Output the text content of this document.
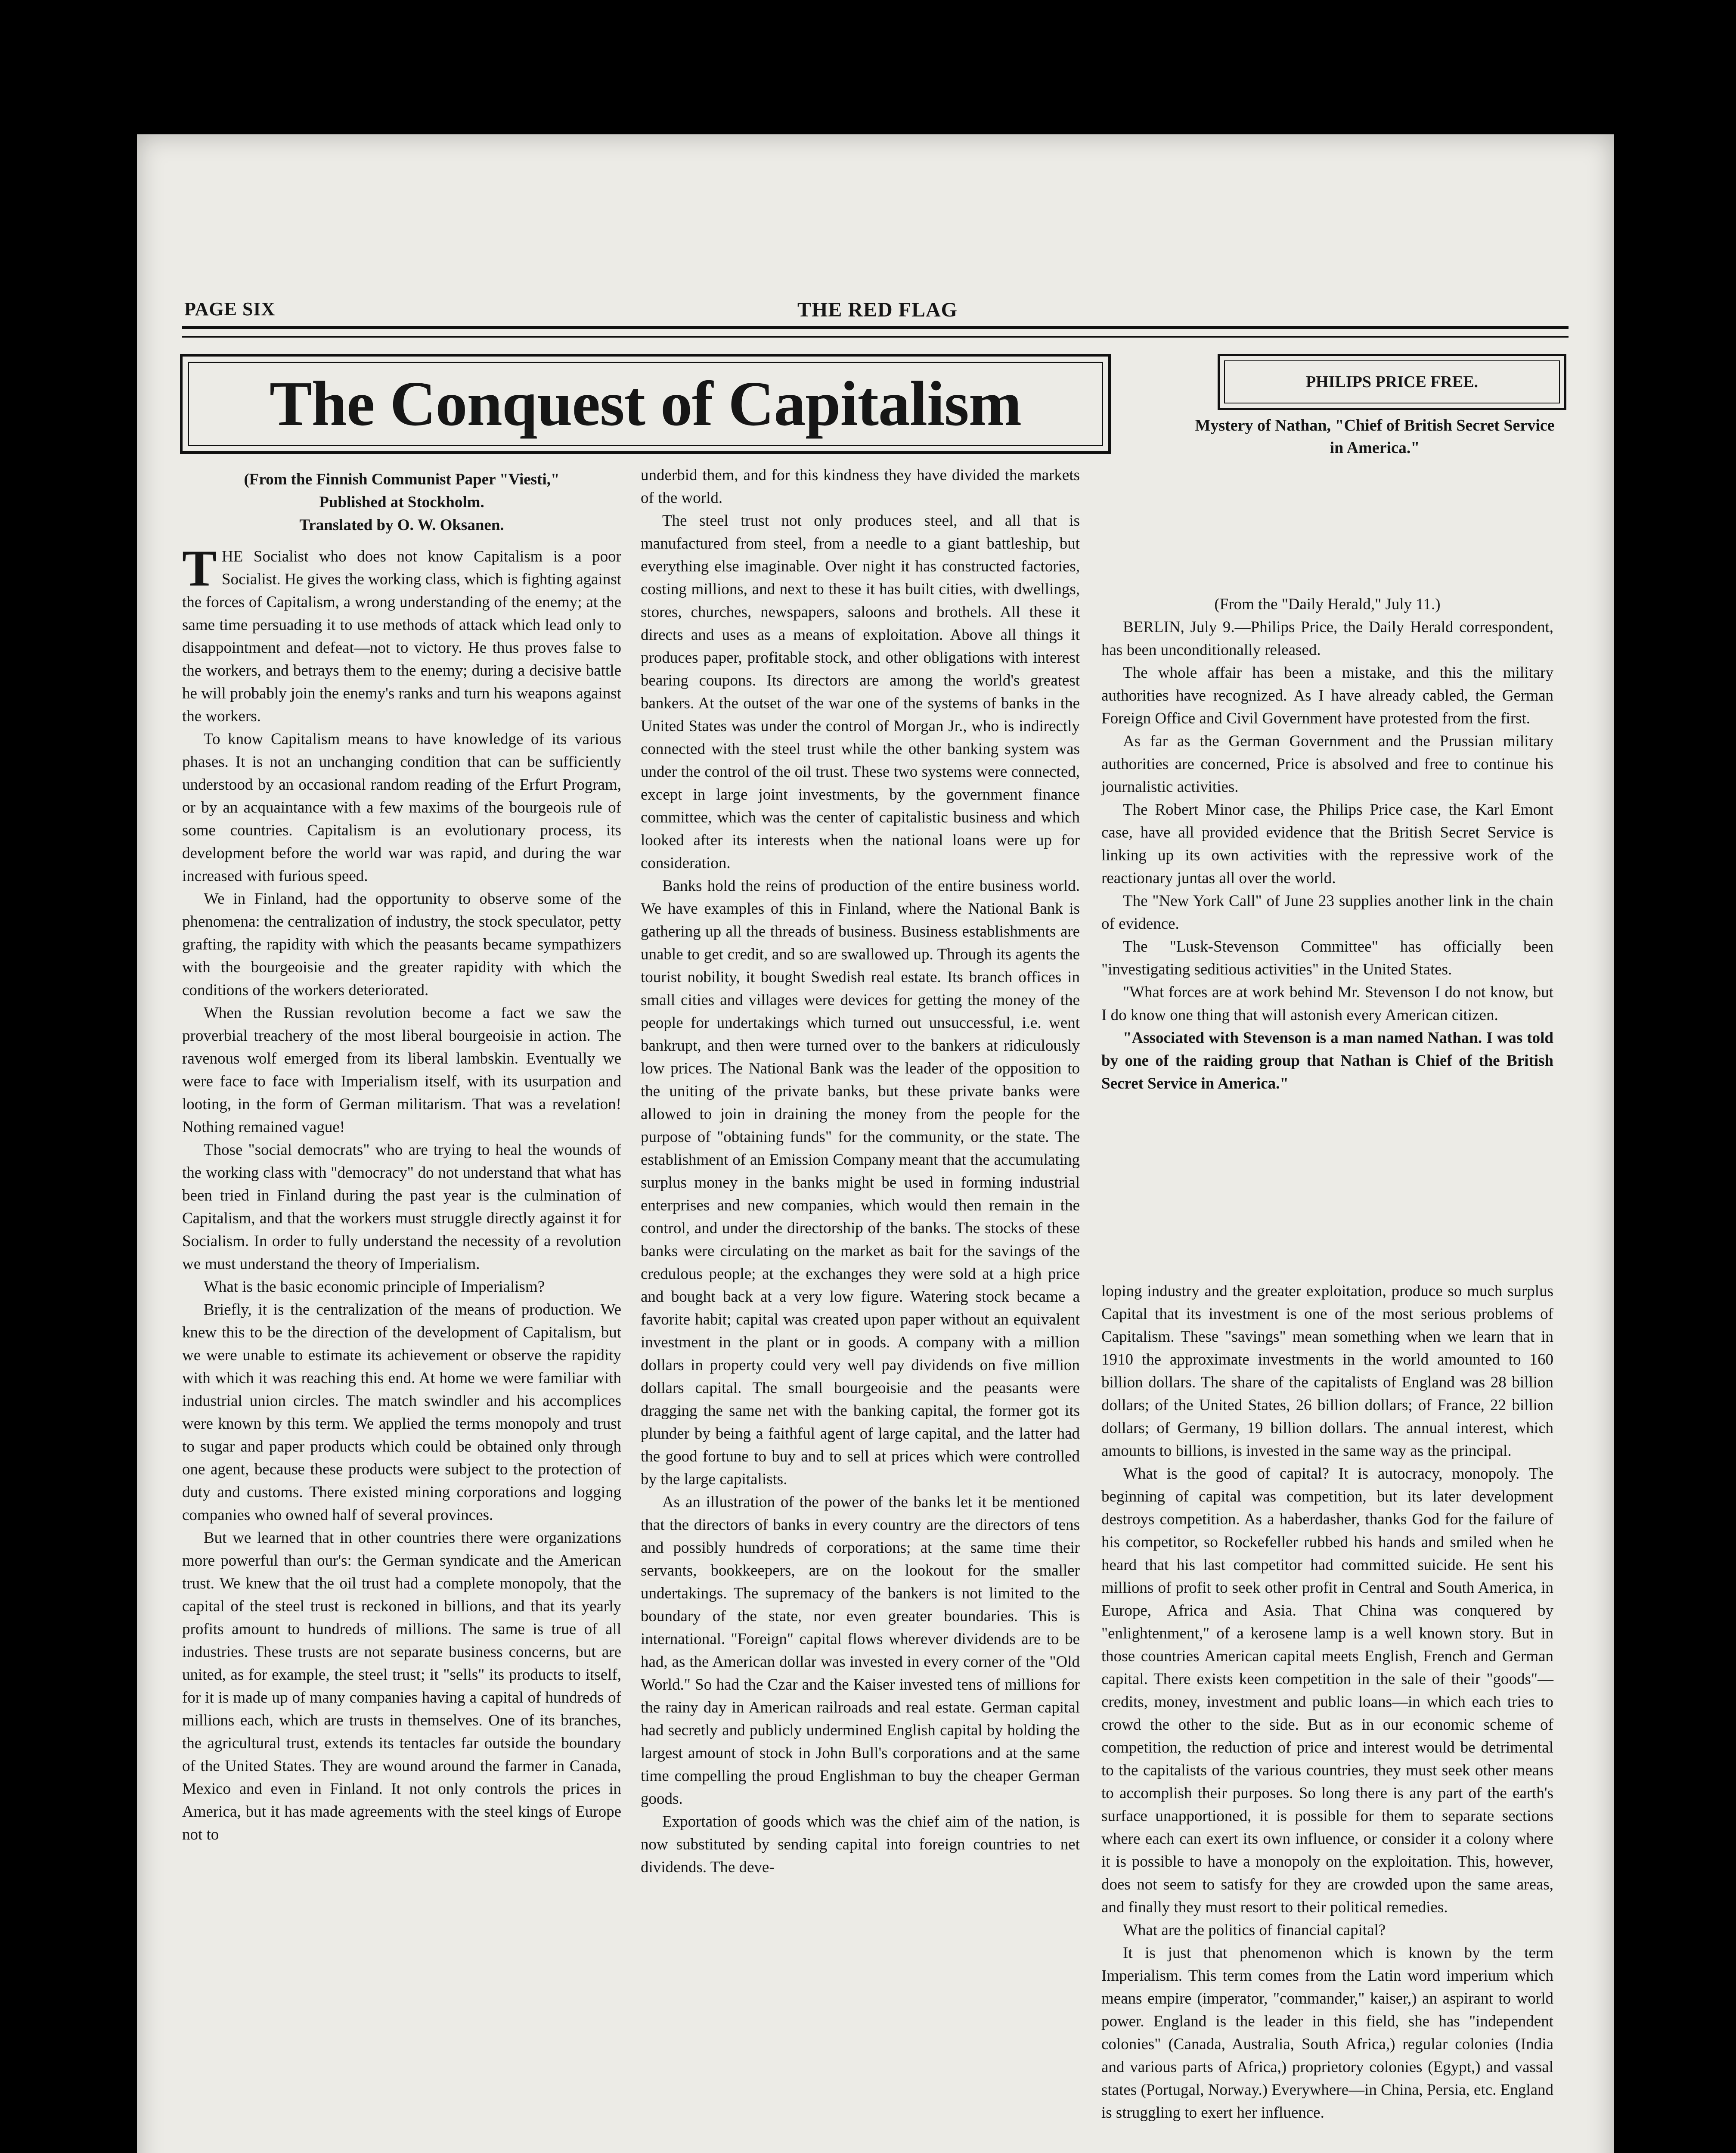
PAGE SIX	THE RED FLAG
The Conquest of Capitalism

(From the Finnish Communist Paper "Viesti,"

Published at Stockholm.

Translated by O. W. Oksanen.

THE Socialist who does not know Capitalism is a poor Socialist. He gives the working class, which is fighting against the forces of Capitalism, a wrong understanding of the enemy; at the same time persuading it to use methods of attack which lead only to disappointment and defeat—not to victory. He thus proves false to the workers, and betrays them to the enemy; during a decisive battle he will probably join the enemy's ranks and turn his weapons against the workers.

To know Capitalism means to have knowledge of its various phases. It is not an unchanging condition that can be sufficiently understood by an occasional random reading of the Erfurt Program, or by an acquaintance with a few maxims of the bourgeois rule of some countries. Capitalism is an evolutionary process, its development before the world war was rapid, and during the war increased with furious speed.

We in Finland, had the opportunity to observe some of the phenomena: the centralization of industry, the stock speculator, petty grafting, the rapidity with which the peasants became sympathizers with the bourgeoisie and the greater rapidity with which the conditions of the workers deteriorated.

When the Russian revolution become a fact we saw the proverbial treachery of the most liberal bourgeoisie in action. The ravenous wolf emerged from its liberal lambskin. Eventually we were face to face with Imperialism itself, with its usurpation and looting, in the form of German militarism. That was a revelation! Nothing remained vague!

Those "social democrats" who are trying to heal the wounds of the working class with "democracy" do not understand that what has been tried in Finland during the past year is the culmination of Capitalism, and that the workers must struggle directly against it for Socialism. In order to fully understand the necessity of a revolution we must understand the theory of Imperialism.

What is the basic economic principle of Imperialism?

Briefly, it is the centralization of the means of production. We knew this to be the direction of the development of Capitalism, but we were unable to estimate its achievement or observe the rapidity with which it was reaching this end. At home we were familiar with industrial union circles. The match swindler and his accomplices were known by this term. We applied the terms monopoly and trust to sugar and paper products which could be obtained only through one agent, because these products were subject to the protection of duty and customs. There existed mining corporations and logging companies who owned half of several provinces.

But we learned that in other countries there were organizations more powerful than our's: the German syndicate and the American trust. We knew that the oil trust had a complete monopoly, that the capital of the steel trust is reckoned in billions, and that its yearly profits amount to hundreds of millions. The same is true of all industries. These trusts are not separate business concerns, but are united, as for example, the steel trust; it "sells" its products to itself, for it is made up of many companies having a capital of hundreds of millions each, which are trusts in themselves. One of its branches, the agricultural trust, extends its tentacles far outside the boundary of the United States. They are wound around the farmer in Canada, Mexico and even in Finland. It not only controls the prices in America, but it has made agreements with the steel kings of Europe not to

underbid them, and for this kindness they have divided the markets of the world.

The steel trust not only produces steel, and all that is manufactured from steel, from a needle to a giant battleship, but everything else imaginable. Over night it has constructed factories, costing millions, and next to these it has built cities, with dwellings, stores, churches, newspapers, saloons and brothels. All these it directs and uses as a means of exploitation. Above all things it produces paper, profitable stock, and other obligations with interest bearing coupons. Its directors are among the world's greatest bankers. At the outset of the war one of the systems of banks in the United States was under the control of Morgan Jr., who is indirectly connected with the steel trust while the other banking system was under the control of the oil trust. These two systems were connected, except in large joint investments, by the government finance committee, which was the center of capitalistic business and which looked after its interests when the national loans were up for consideration.

Banks hold the reins of production of the entire business world. We have examples of this in Finland, where the National Bank is gathering up all the threads of business. Business establishments are unable to get credit, and so are swallowed up. Through its agents the tourist nobility, it bought Swedish real estate. Its branch offices in small cities and villages were devices for getting the money of the people for undertakings which turned out unsuccessful, i.e. went bankrupt, and then were turned over to the bankers at ridiculously low prices. The National Bank was the leader of the opposition to the uniting of the private banks, but these private banks were allowed to join in draining the money from the people for the purpose of "obtaining funds" for the community, or the state. The establishment of an Emission Company meant that the accumulating surplus money in the banks might be used in forming industrial enterprises and new companies, which would then remain in the control, and under the directorship of the banks. The stocks of these banks were circulating on the market as bait for the savings of the credulous people; at the exchanges they were sold at a high price and bought back at a very low figure. Watering stock became a favorite habit; capital was created upon paper without an equivalent investment in the plant or in goods. A company with a million dollars in property could very well pay dividends on five million dollars capital. The small bourgeoisie and the peasants were dragging the same net with the banking capital, the former got its plunder by being a faithful agent of large capital, and the latter had the good fortune to buy and to sell at prices which were controlled by the large capitalists.

As an illustration of the power of the banks let it be mentioned that the directors of banks in every country are the directors of tens and possibly hundreds of corporations; at the same time their servants, bookkeepers, are on the lookout for the smaller undertakings. The supremacy of the bankers is not limited to the boundary of the state, nor even greater boundaries. This is international. "Foreign" capital flows wherever dividends are to be had, as the American dollar was invested in every corner of the "Old World." So had the Czar and the Kaiser invested tens of millions for the rainy day in American railroads and real estate. German capital had secretly and publicly undermined English capital by holding the largest amount of stock in John Bull's corporations and at the same time compelling the proud Englishman to buy the cheaper German goods.

Exportation of goods which was the chief aim of the nation, is now substituted by sending capital into foreign countries to net dividends. The deve-

PHILIPS PRICE FREE.
Mystery of Nathan, "Chief of British Secret Service in America."

(From the "Daily Herald," July 11.)

BERLIN, July 9.—Philips Price, the Daily Herald correspondent, has been unconditionally released.

The whole affair has been a mistake, and this the military authorities have recognized. As I have already cabled, the German Foreign Office and Civil Government have protested from the first.

As far as the German Government and the Prussian military authorities are concerned, Price is absolved and free to continue his journalistic activities.

The Robert Minor case, the Philips Price case, the Karl Emont case, have all provided evidence that the British Secret Service is linking up its own activities with the repressive work of the reactionary juntas all over the world.

The "New York Call" of June 23 supplies another link in the chain of evidence.

The "Lusk-Stevenson Committee" has officially been "investigating seditious activities" in the United States.

"What forces are at work behind Mr. Stevenson I do not know, but I do know one thing that will astonish every American citizen.

"Associated with Stevenson is a man named Nathan. I was told by one of the raiding group that Nathan is Chief of the British Secret Service in America."

loping industry and the greater exploitation, produce so much surplus Capital that its investment is one of the most serious problems of Capitalism. These "savings" mean something when we learn that in 1910 the approximate investments in the world amounted to 160 billion dollars. The share of the capitalists of England was 28 billion dollars; of the United States, 26 billion dollars; of France, 22 billion dollars; of Germany, 19 billion dollars. The annual interest, which amounts to billions, is invested in the same way as the principal.

What is the good of capital? It is autocracy, monopoly. The beginning of capital was competition, but its later development destroys competition. As a haberdasher, thanks God for the failure of his competitor, so Rockefeller rubbed his hands and smiled when he heard that his last competitor had committed suicide. He sent his millions of profit to seek other profit in Central and South America, in Europe, Africa and Asia. That China was conquered by "enlightenment," of a kerosene lamp is a well known story. But in those countries American capital meets English, French and German capital. There exists keen competition in the sale of their "goods"—credits, money, investment and public loans—in which each tries to crowd the other to the side. But as in our economic scheme of competition, the reduction of price and interest would be detrimental to the capitalists of the various countries, they must seek other means to accomplish their purposes. So long there is any part of the earth's surface unapportioned, it is possible for them to separate sections where each can exert its own influence, or consider it a colony where it is possible to have a monopoly on the exploitation. This, however, does not seem to satisfy for they are crowded upon the same areas, and finally they must resort to their political remedies.

What are the politics of financial capital?

It is just that phenomenon which is known by the term Imperialism. This term comes from the Latin word imperium which means empire (imperator, "commander," kaiser,) an aspirant to world power. England is the leader in this field, she has "independent colonies" (Canada, Australia, South Africa,) regular colonies (India and various parts of Africa,) proprietory colonies (Egypt,) and vassal states (Portugal, Norway.) Everywhere—in China, Persia, etc. England is struggling to exert her influence.
